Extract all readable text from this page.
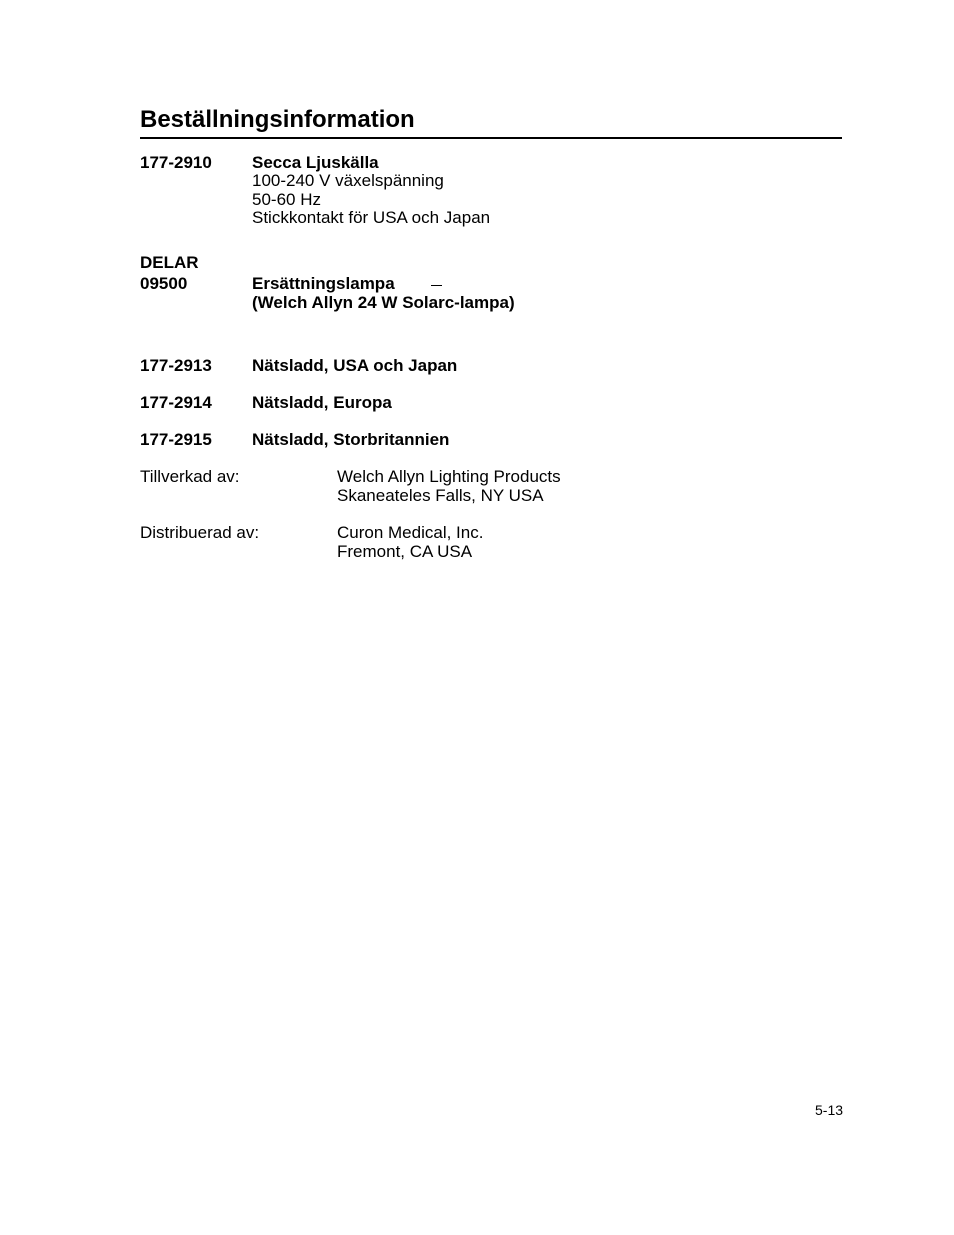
Beställningsinformation
177-2910 Secca Ljuskälla
100-240 V växelspänning
50-60 Hz
Stickkontakt för USA och Japan
DELAR
09500	Ersättningslampa
(Welch Allyn 24 W Solarc-lampa)
177-2913 Nätsladd, USA och Japan
177-2914 Nätsladd, Europa
177-2915 Nätsladd, Storbritannien
Tillverkad av:	Welch Allyn Lighting Products
Skaneateles Falls, NY USA
Distribuerad av:	Curon Medical, Inc.
Fremont, CA USA
5-13
